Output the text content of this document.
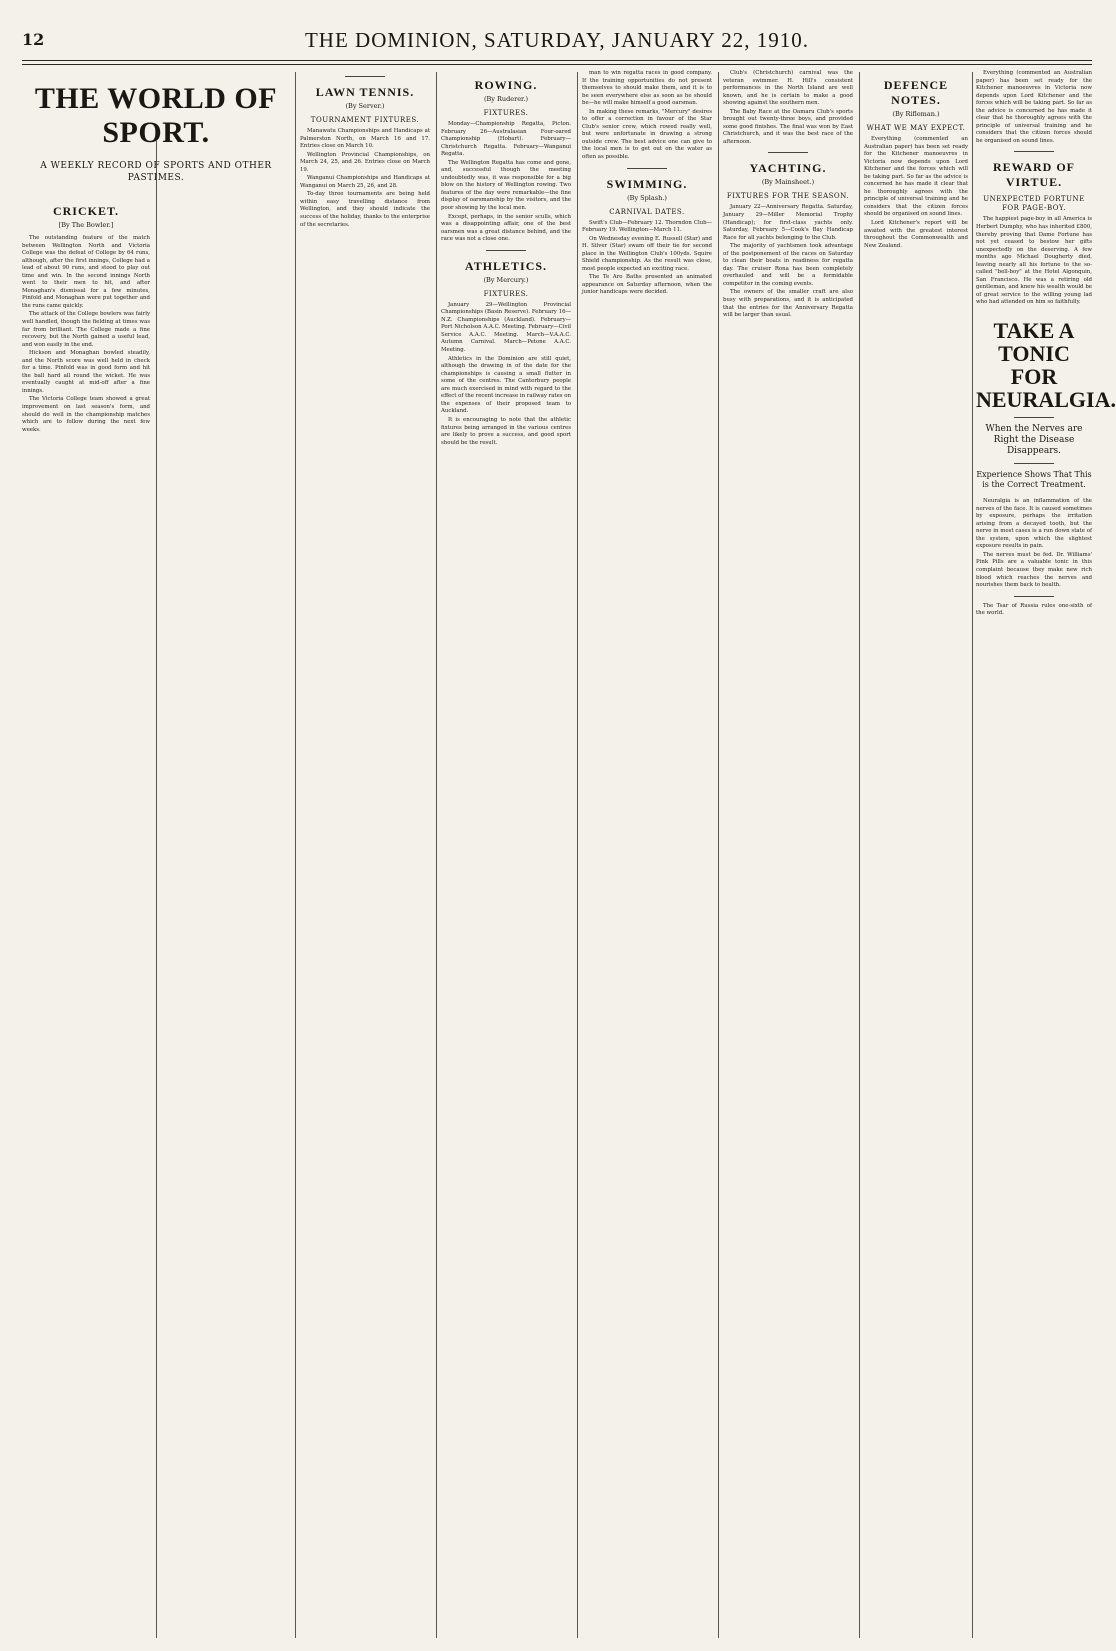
12	THE DOMINION, SATURDAY, JANUARY 22, 1910.
THE WORLD OF SPORT.
A WEEKLY RECORD OF SPORTS AND OTHER PASTIMES.
CRICKET.
[By The Bowler.]

The outstanding feature of the match between Wellington North and Victoria College was the defeat of College by 64 runs, although, after the first innings, College had a lead of about 90 runs, and stood to play out time and win. In the second innings North went to their men to hit, and after Monaghan's dismissal for a few minutes, Pinfold and Monaghan were put together and the runs came quickly.

The attack of the College bowlers was fairly well handled, though the fielding at times was far from brilliant. The College made a fine recovery, but the North gained a useful lead, and won easily in the end.

Hickson and Monaghan bowled steadily, and the North score was well held in check for a time. Pinfold was in good form and hit the ball hard all round the wicket. He was eventually caught at mid-off after a fine innings.

The Victoria College team showed a great improvement on last season's form, and should do well in the championship matches which are to follow during the next few weeks.

LAWN TENNIS.
(By Server.)
TOURNAMENT FIXTURES.

Manawatu Championships and Handicaps at Palmerston North, on March 16 and 17. Entries close on March 10.

Wellington Provincial Championships, on March 24, 25, and 26. Entries close on March 19.

Wanganui Championships and Handicaps at Wanganui on March 25, 26, and 28.

To-day three tournaments are being held within easy travelling distance from Wellington, and they should indicate the success of the holiday, thanks to the enterprise of the secretaries.

ROWING.
(By Ruderer.)
FIXTURES.

Monday—Championship Regatta, Picton. February 26—Australasian Four-oared Championship (Hobart). February—Christchurch Regatta. February—Wanganui Regatta.

The Wellington Regatta has come and gone, and, successful though the meeting undoubtedly was, it was responsible for a big blow on the history of Wellington rowing. Two features of the day were remarkable—the fine display of oarsmanship by the visitors, and the poor showing by the local men.

Except, perhaps, in the senior sculls, which was a disappointing affair, one of the best oarsmen was a great distance behind, and the race was not a close one.

ATHLETICS.
(By Mercury.)
FIXTURES.

January 29—Wellington Provincial Championships (Basin Reserve). February 16—N.Z. Championships (Auckland). February—Port Nicholson A.A.C. Meeting. February—Civil Service A.A.C. Meeting. March—V.A.A.C. Autumn Carnival. March—Petone A.A.C. Meeting.

Athletics in the Dominion are still quiet, although the drawing in of the date for the championships is causing a small flutter in some of the centres. The Canterbury people are much exercised in mind with regard to the effect of the recent increase in railway rates on the expenses of their proposed team to Auckland.

It is encouraging to note that the athletic fixtures being arranged in the various centres are likely to prove a success, and good sport should be the result.

man to win regatta races in good company. If the training opportunities do not present themselves to should make them, and it is to be seen everywhere else as soon as he should be—he will make himself a good oarsman.

In making these remarks, "Mercury" desires to offer a correction in favour of the Star Club's senior crew, which rowed really well, but were unfortunate in drawing a strong outside crew. The best advice one can give to the local men is to get out on the water as often as possible.

SWIMMING.
(By Splash.)
CARNIVAL DATES.

Swift's Club—February 12. Thorndon Club—February 19. Wellington—March 11.

On Wednesday evening E. Russell (Star) and H. Silver (Star) swam off their tie for second place in the Wellington Club's 100yds. Squire Shield championship. As the result was close, most people expected an exciting race.

The Te Aro Baths presented an animated appearance on Saturday afternoon, when the junior handicaps were decided.

Club's (Christchurch) carnival was the veteran swimmer. H. Hill's consistent performances in the North Island are well known, and he is certain to make a good showing against the southern men.

The Baby Race at the Oamaru Club's sports brought out twenty-three boys, and provided some good finishes. The final was won by East Christchurch, and it was the best race of the afternoon.

YACHTING.
(By Mainsheet.)
FIXTURES FOR THE SEASON.

January 22—Anniversary Regatta. Saturday, January 29—Miller Memorial Trophy (Handicap); for first-class yachts only. Saturday, February 5—Cook's Bay Handicap Race for all yachts belonging to the Club.

The majority of yachtsmen took advantage of the postponement of the races on Saturday to clean their boats in readiness for regatta day. The cruiser Rona has been completely overhauled and will be a formidable competitor in the coming events.

The owners of the smaller craft are also busy with preparations, and it is anticipated that the entries for the Anniversary Regatta will be larger than usual.

DEFENCE NOTES.
(By Rifleman.)
WHAT WE MAY EXPECT.

Everything (commented an Australian paper) has been set ready for the Kitchener manoeuvres in Victoria now depends upon Lord Kitchener and the forces which will be taking part. So far as the advice is concerned he has made it clear that he thoroughly agrees with the principle of universal training and he considers that the citizen forces should be organised on sound lines.

Lord Kitchener's report will be awaited with the greatest interest throughout the Commonwealth and New Zealand.

Everything (commented an Australian paper) has been set ready for the Kitchener manoeuvres in Victoria now depends upon Lord Kitchener and the forces which will be taking part. So far as the advice is concerned he has made it clear that he thoroughly agrees with the principle of universal training and he considers that the citizen forces should be organised on sound lines.

REWARD OF VIRTUE.
UNEXPECTED FORTUNE FOR PAGE-BOY.

The happiest page-boy in all America is Herbert Dumphy, who has inherited £800, thereby proving that Dame Fortune has not yet ceased to bestow her gifts unexpectedly on the deserving. A few months ago Michael Dougherty died, leaving nearly all his fortune to the so-called "bell-boy" at the Hotel Algonquin, San Francisco. He was a retiring old gentleman, and knew his wealth would be of great service to the willing young lad who had attended on him so faithfully.

TAKE A TONIC FOR NEURALGIA.
When the Nerves are Right the Disease Disappears.
Experience Shows That This is the Correct Treatment.

Neuralgia is an inflammation of the nerves of the face. It is caused sometimes by exposure, perhaps the irritation arising from a decayed tooth, but the nerve in most cases is a run down state of the system, upon which the slightest exposure results in pain.

The nerves must be fed. Dr. Williams' Pink Pills are a valuable tonic in this complaint because they make new rich blood which reaches the nerves and nourishes them back to health.

The Tsar of Russia rules one-sixth of the world.
